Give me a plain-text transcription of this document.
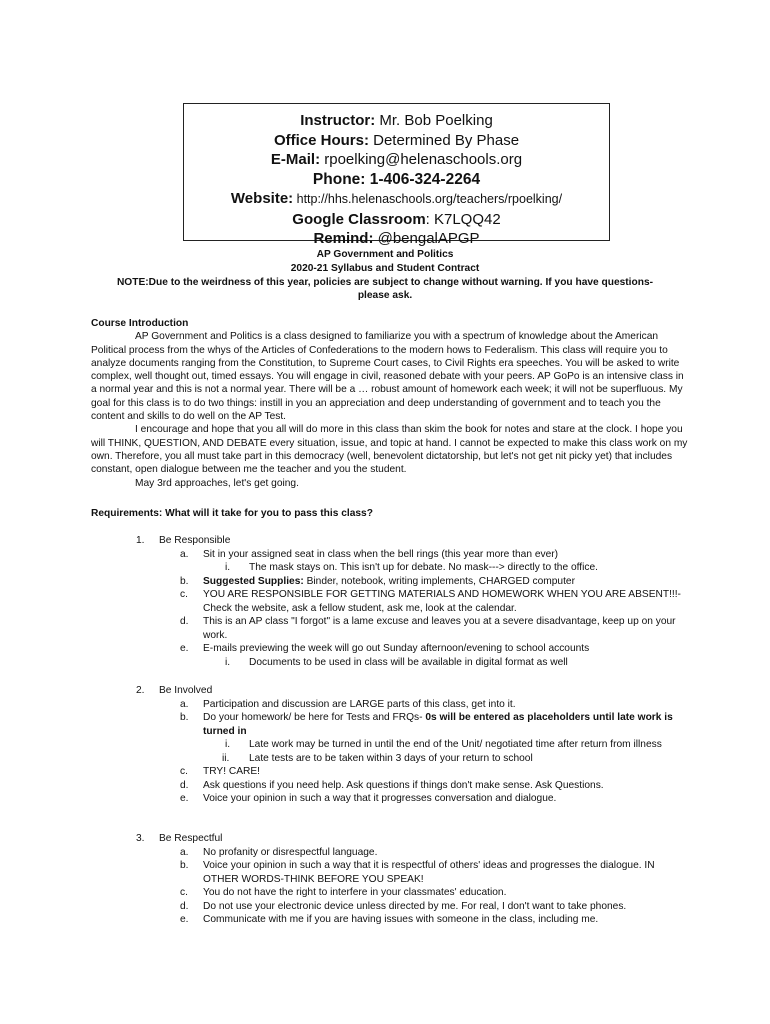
Instructor: Mr. Bob Poelking
Office Hours: Determined By Phase
E-Mail: rpoelking@helenaschools.org
Phone: 1-406-324-2264
Website: http://hhs.helenaschools.org/teachers/rpoelking/
Google Classroom: K7LQQ42
Remind: @bengalAPGP
AP Government and Politics
2020-21 Syllabus and Student Contract
NOTE:Due to the weirdness of this year, policies are subject to change without warning. If you have questions-
please ask.

Course Introduction

AP Government and Politics is a class designed to familiarize you with a spectrum of knowledge about the American Political process from the whys of the Articles of Confederations to the modern hows to Federalism. This class will require you to analyze documents ranging from the Constitution, to Supreme Court cases, to Civil Rights era speeches. You will be asked to write complex, well thought out, timed essays. You will engage in civil, reasoned debate with your peers. AP GoPo is an intensive class in a normal year and this is not a normal year. There will be a … robust amount of homework each week; it will not be superfluous. My goal for this class is to do two things: instill in you an appreciation and deep understanding of government and to teach you the content and skills to do well on the AP Test.

I encourage and hope that you all will do more in this class than skim the book for notes and stare at the clock. I hope you will THINK, QUESTION, AND DEBATE every situation, issue, and topic at hand. I cannot be expected to make this class work on my own. Therefore, you all must take part in this democracy (well, benevolent dictatorship, but let's not get nit picky yet) that includes constant, open dialogue between me the teacher and you the student.

May 3rd approaches, let's get going.

Requirements: What will it take for you to pass this class?
1. Be Responsible
a. Sit in your assigned seat in class when the bell rings (this year more than ever)
i. The mask stays on. This isn't up for debate. No mask---> directly to the office.
b. Suggested Supplies: Binder, notebook, writing implements, CHARGED computer
c. YOU ARE RESPONSIBLE FOR GETTING MATERIALS AND HOMEWORK WHEN YOU ARE ABSENT!!!-Check the website, ask a fellow student, ask me, look at the calendar.
d. This is an AP class "I forgot" is a lame excuse and leaves you at a severe disadvantage, keep up on your work.
e. E-mails previewing the week will go out Sunday afternoon/evening to school accounts
i. Documents to be used in class will be available in digital format as well
2. Be Involved
a. Participation and discussion are LARGE parts of this class, get into it.
b. Do your homework/ be here for Tests and FRQs- 0s will be entered as placeholders until late work is turned in
i. Late work may be turned in until the end of the Unit/ negotiated time after return from illness
ii. Late tests are to be taken within 3 days of your return to school
c. TRY! CARE!
d. Ask questions if you need help. Ask questions if things don't make sense. Ask Questions.
e. Voice your opinion in such a way that it progresses conversation and dialogue.
3. Be Respectful
a. No profanity or disrespectful language.
b. Voice your opinion in such a way that it is respectful of others' ideas and progresses the dialogue. IN OTHER WORDS-THINK BEFORE YOU SPEAK!
c. You do not have the right to interfere in your classmates' education.
d. Do not use your electronic device unless directed by me. For real, I don't want to take phones.
e. Communicate with me if you are having issues with someone in the class, including me.
